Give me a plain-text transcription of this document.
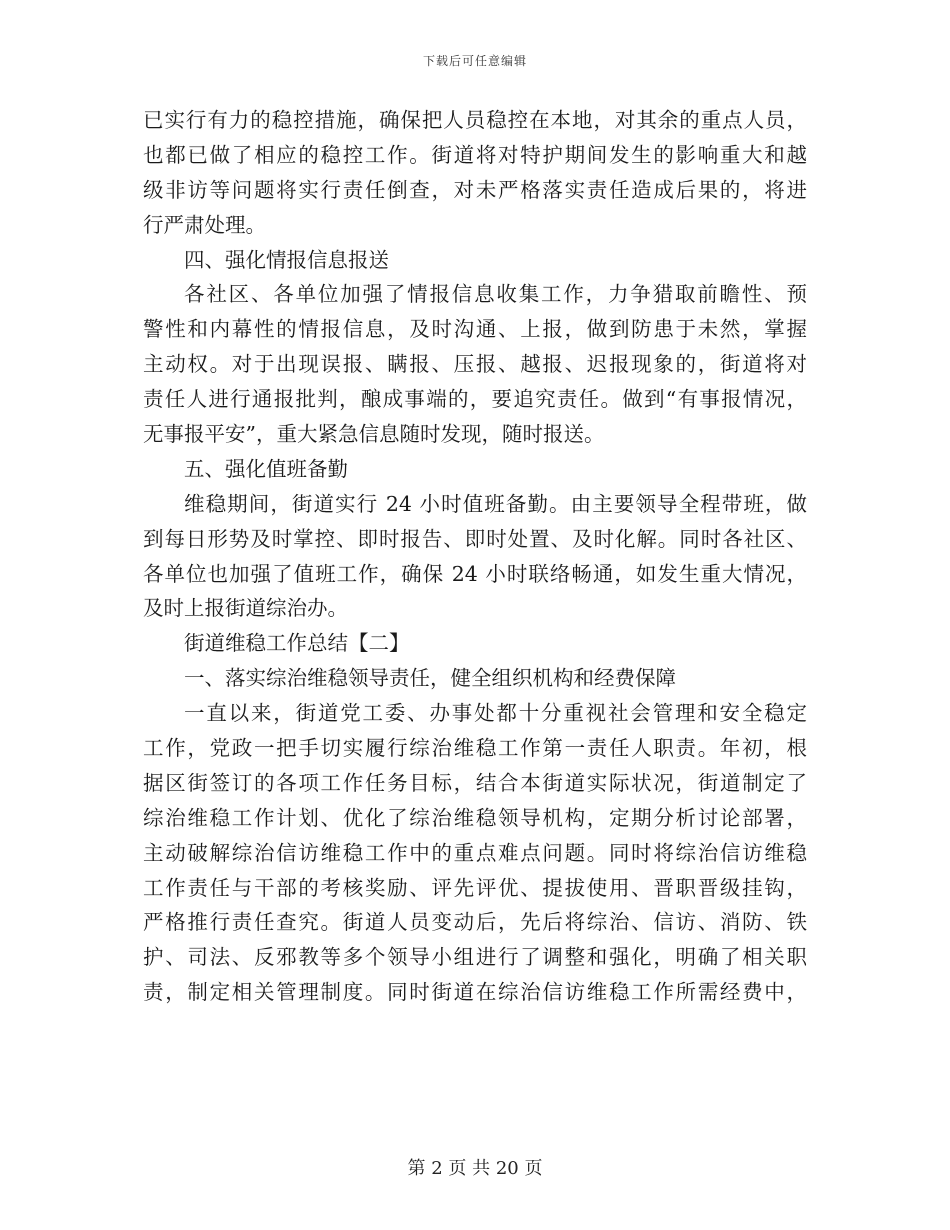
下载后可任意编辑
已实行有力的稳控措施，确保把人员稳控在本地，对其余的重点人员，
也都已做了相应的稳控工作。街道将对特护期间发生的影响重大和越
级非访等问题将实行责任倒查，对未严格落实责任造成后果的，将进
行严肃处理。
四、强化情报信息报送
各社区、各单位加强了情报信息收集工作，力争猎取前瞻性、预
警性和内幕性的情报信息，及时沟通、上报，做到防患于未然，掌握
主动权。对于出现误报、瞒报、压报、越报、迟报现象的，街道将对
责任人进行通报批判，酿成事端的，要追究责任。做到“有事报情况，
无事报平安”，重大紧急信息随时发现，随时报送。
五、强化值班备勤
维稳期间，街道实行 24 小时值班备勤。由主要领导全程带班，做
到每日形势及时掌控、即时报告、即时处置、及时化解。同时各社区、
各单位也加强了值班工作，确保 24 小时联络畅通，如发生重大情况，
及时上报街道综治办。
街道维稳工作总结【二】
一、落实综治维稳领导责任，健全组织机构和经费保障
一直以来，街道党工委、办事处都十分重视社会管理和安全稳定
工作，党政一把手切实履行综治维稳工作第一责任人职责。年初，根
据区街签订的各项工作任务目标，结合本街道实际状况，街道制定了
综治维稳工作计划、优化了综治维稳领导机构，定期分析讨论部署，
主动破解综治信访维稳工作中的重点难点问题。同时将综治信访维稳
工作责任与干部的考核奖励、评先评优、提拔使用、晋职晋级挂钩，
严格推行责任查究。街道人员变动后，先后将综治、信访、消防、铁
护、司法、反邪教等多个领导小组进行了调整和强化，明确了相关职
责，制定相关管理制度。同时街道在综治信访维稳工作所需经费中，
第 2 页 共 20 页
